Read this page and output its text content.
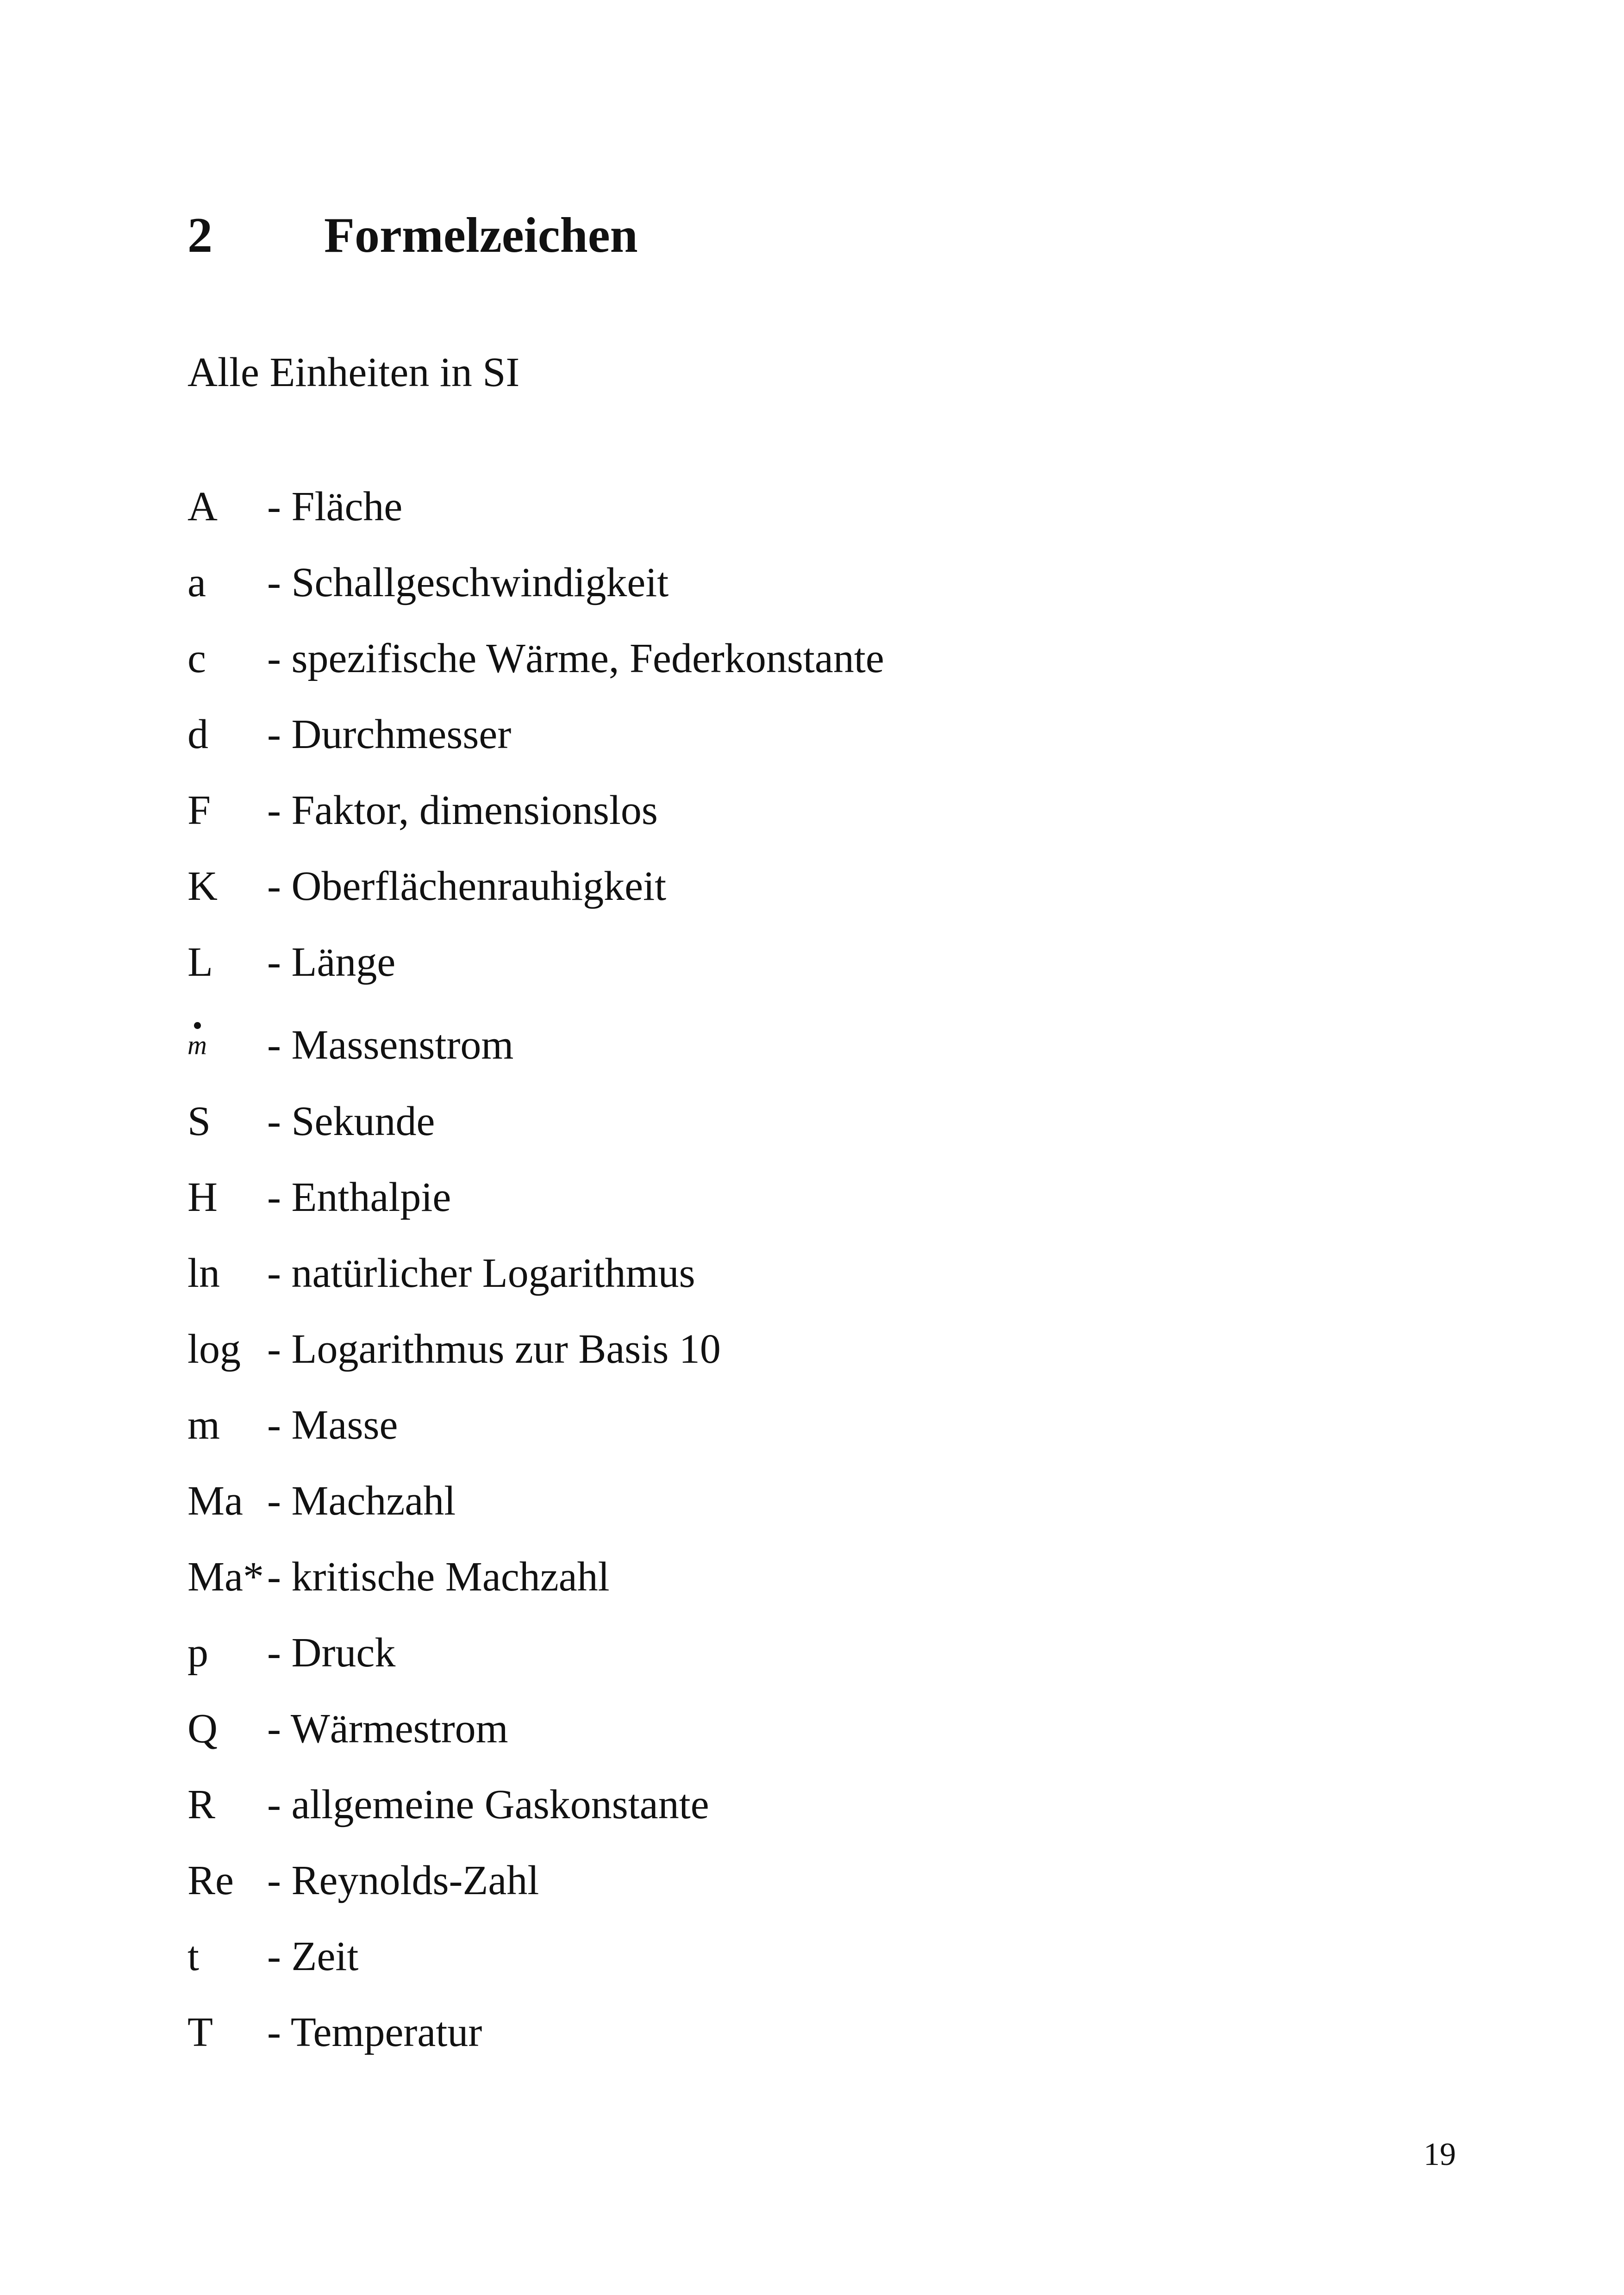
2 Formelzeichen
Alle Einheiten in SI
A - Fläche
a - Schallgeschwindigkeit
c - spezifische Wärme, Federkonstante
d - Durchmesser
F - Faktor, dimensionslos
K - Oberflächenrauhigkeit
L - Länge
m - Massenstrom
S - Sekunde
H - Enthalpie
ln - natürlicher Logarithmus
log - Logarithmus zur Basis 10
m - Masse
Ma - Machzahl
Ma* - kritische Machzahl
p - Druck
Q - Wärmestrom
R - allgemeine Gaskonstante
Re - Reynolds-Zahl
t - Zeit
T - Temperatur
19
